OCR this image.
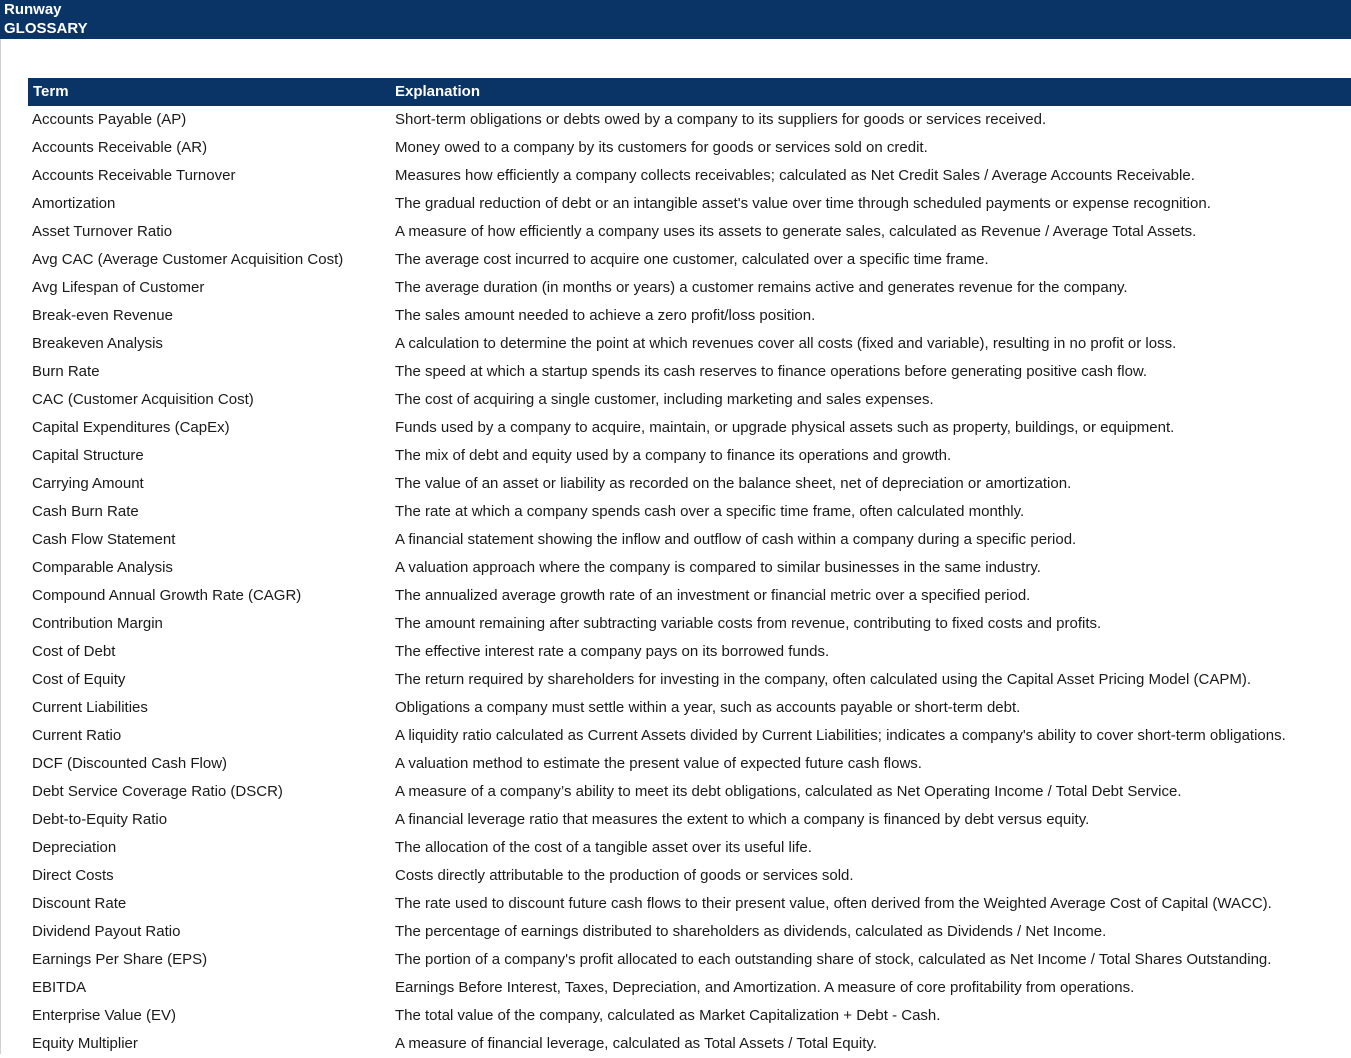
Runway
GLOSSARY
Term	Explanation
Accounts Payable (AP)	Short-term obligations or debts owed by a company to its suppliers for goods or services received.
Accounts Receivable (AR)	Money owed to a company by its customers for goods or services sold on credit.
Accounts Receivable Turnover	Measures how efficiently a company collects receivables; calculated as Net Credit Sales / Average Accounts Receivable.
Amortization	The gradual reduction of debt or an intangible asset's value over time through scheduled payments or expense recognition.
Asset Turnover Ratio	A measure of how efficiently a company uses its assets to generate sales, calculated as Revenue / Average Total Assets.
Avg CAC (Average Customer Acquisition Cost)	The average cost incurred to acquire one customer, calculated over a specific time frame.
Avg Lifespan of Customer	The average duration (in months or years) a customer remains active and generates revenue for the company.
Break-even Revenue	The sales amount needed to achieve a zero profit/loss position.
Breakeven Analysis	A calculation to determine the point at which revenues cover all costs (fixed and variable), resulting in no profit or loss.
Burn Rate	The speed at which a startup spends its cash reserves to finance operations before generating positive cash flow.
CAC (Customer Acquisition Cost)	The cost of acquiring a single customer, including marketing and sales expenses.
Capital Expenditures (CapEx)	Funds used by a company to acquire, maintain, or upgrade physical assets such as property, buildings, or equipment.
Capital Structure	The mix of debt and equity used by a company to finance its operations and growth.
Carrying Amount	The value of an asset or liability as recorded on the balance sheet, net of depreciation or amortization.
Cash Burn Rate	The rate at which a company spends cash over a specific time frame, often calculated monthly.
Cash Flow Statement	A financial statement showing the inflow and outflow of cash within a company during a specific period.
Comparable Analysis	A valuation approach where the company is compared to similar businesses in the same industry.
Compound Annual Growth Rate (CAGR)	The annualized average growth rate of an investment or financial metric over a specified period.
Contribution Margin	The amount remaining after subtracting variable costs from revenue, contributing to fixed costs and profits.
Cost of Debt	The effective interest rate a company pays on its borrowed funds.
Cost of Equity	The return required by shareholders for investing in the company, often calculated using the Capital Asset Pricing Model (CAPM).
Current Liabilities	Obligations a company must settle within a year, such as accounts payable or short-term debt.
Current Ratio	A liquidity ratio calculated as Current Assets divided by Current Liabilities; indicates a company's ability to cover short-term obligations.
DCF (Discounted Cash Flow)	A valuation method to estimate the present value of expected future cash flows.
Debt Service Coverage Ratio (DSCR)	A measure of a company’s ability to meet its debt obligations, calculated as Net Operating Income / Total Debt Service.
Debt-to-Equity Ratio	A financial leverage ratio that measures the extent to which a company is financed by debt versus equity.
Depreciation	The allocation of the cost of a tangible asset over its useful life.
Direct Costs	Costs directly attributable to the production of goods or services sold.
Discount Rate	The rate used to discount future cash flows to their present value, often derived from the Weighted Average Cost of Capital (WACC).
Dividend Payout Ratio	The percentage of earnings distributed to shareholders as dividends, calculated as Dividends / Net Income.
Earnings Per Share (EPS)	The portion of a company's profit allocated to each outstanding share of stock, calculated as Net Income / Total Shares Outstanding.
EBITDA	Earnings Before Interest, Taxes, Depreciation, and Amortization. A measure of core profitability from operations.
Enterprise Value (EV)	The total value of the company, calculated as Market Capitalization + Debt - Cash.
Equity Multiplier	A measure of financial leverage, calculated as Total Assets / Total Equity.
